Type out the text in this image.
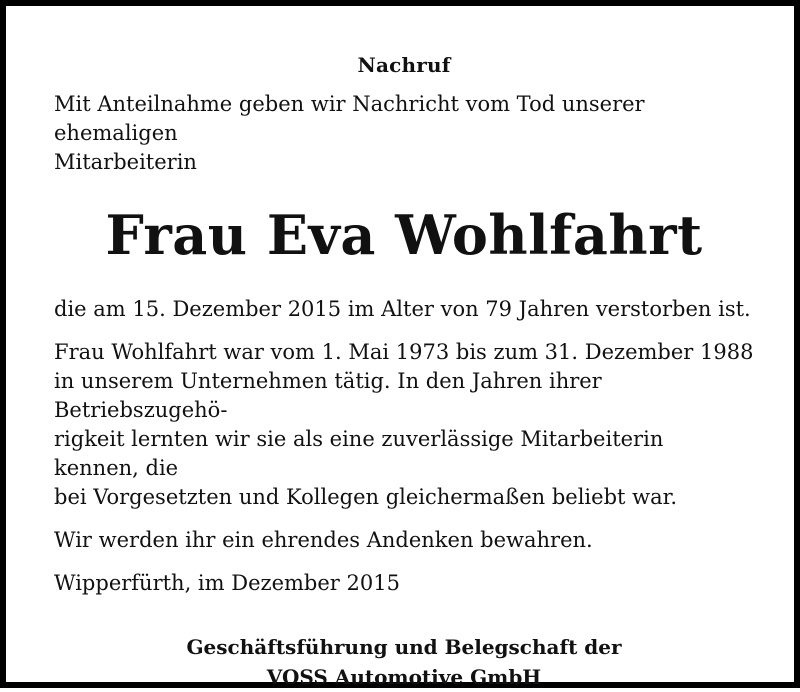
Nachruf

Mit Anteilnahme geben wir Nachricht vom Tod unserer ehemaligen
Mitarbeiterin

Frau Eva Wohlfahrt

die am 15. Dezember 2015 im Alter von 79 Jahren verstorben ist.

Frau Wohlfahrt war vom 1. Mai 1973 bis zum 31. Dezember 1988
in unserem Unternehmen tätig. In den Jahren ihrer Betriebszugehö-
rigkeit lernten wir sie als eine zuverlässige Mitarbeiterin kennen, die
bei Vorgesetzten und Kollegen gleichermaßen beliebt war.

Wir werden ihr ein ehrendes Andenken bewahren.

Wipperfürth, im Dezember 2015

Geschäftsführung und Belegschaft der
VOSS Automotive GmbH
